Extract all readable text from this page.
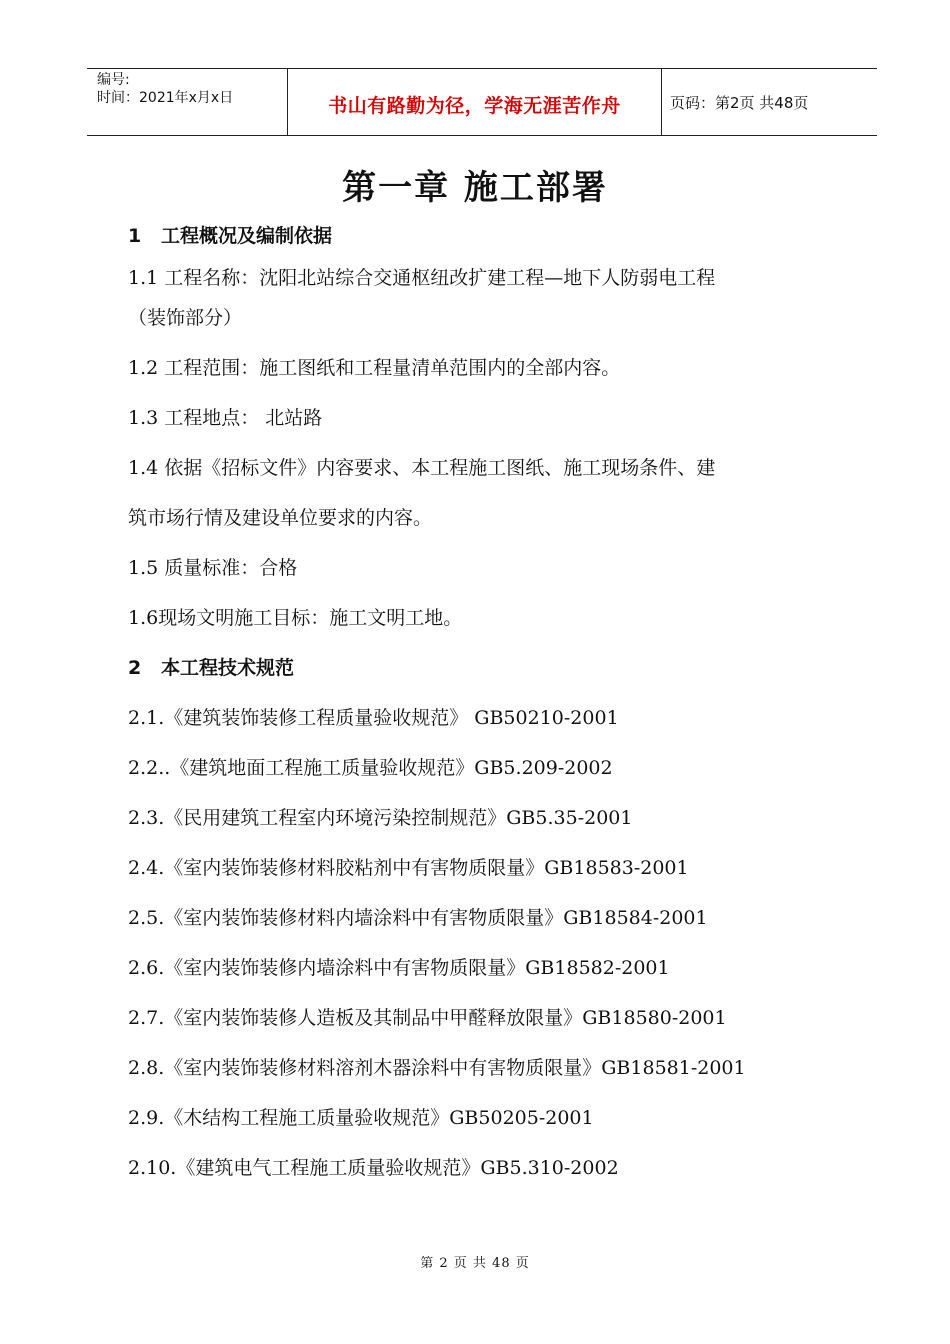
编号:
时间：2021年x月x日	书山有路勤为径，学海无涯苦作舟	页码：第2页 共48页
第一章 施工部署
1 工程概况及编制依据
1.1 工程名称：沈阳北站综合交通枢纽改扩建工程—地下人防弱电工程
（装饰部分）
1.2 工程范围：施工图纸和工程量清单范围内的全部内容。
1.3 工程地点： 北站路
1.4 依据《招标文件》内容要求、本工程施工图纸、施工现场条件、建
筑市场行情及建设单位要求的内容。
1.5 质量标准：合格
1.6现场文明施工目标：施工文明工地。
2 本工程技术规范
2.1.《建筑装饰装修工程质量验收规范》 GB50210-2001
2.2..《建筑地面工程施工质量验收规范》GB5.209-2002
2.3.《民用建筑工程室内环境污染控制规范》GB5.35-2001
2.4.《室内装饰装修材料胶粘剂中有害物质限量》GB18583-2001
2.5.《室内装饰装修材料内墙涂料中有害物质限量》GB18584-2001
2.6.《室内装饰装修内墙涂料中有害物质限量》GB18582-2001
2.7.《室内装饰装修人造板及其制品中甲醛释放限量》GB18580-2001
2.8.《室内装饰装修材料溶剂木器涂料中有害物质限量》GB18581-2001
2.9.《木结构工程施工质量验收规范》GB50205-2001
2.10.《建筑电气工程施工质量验收规范》GB5.310-2002
第 2 页 共 48 页
